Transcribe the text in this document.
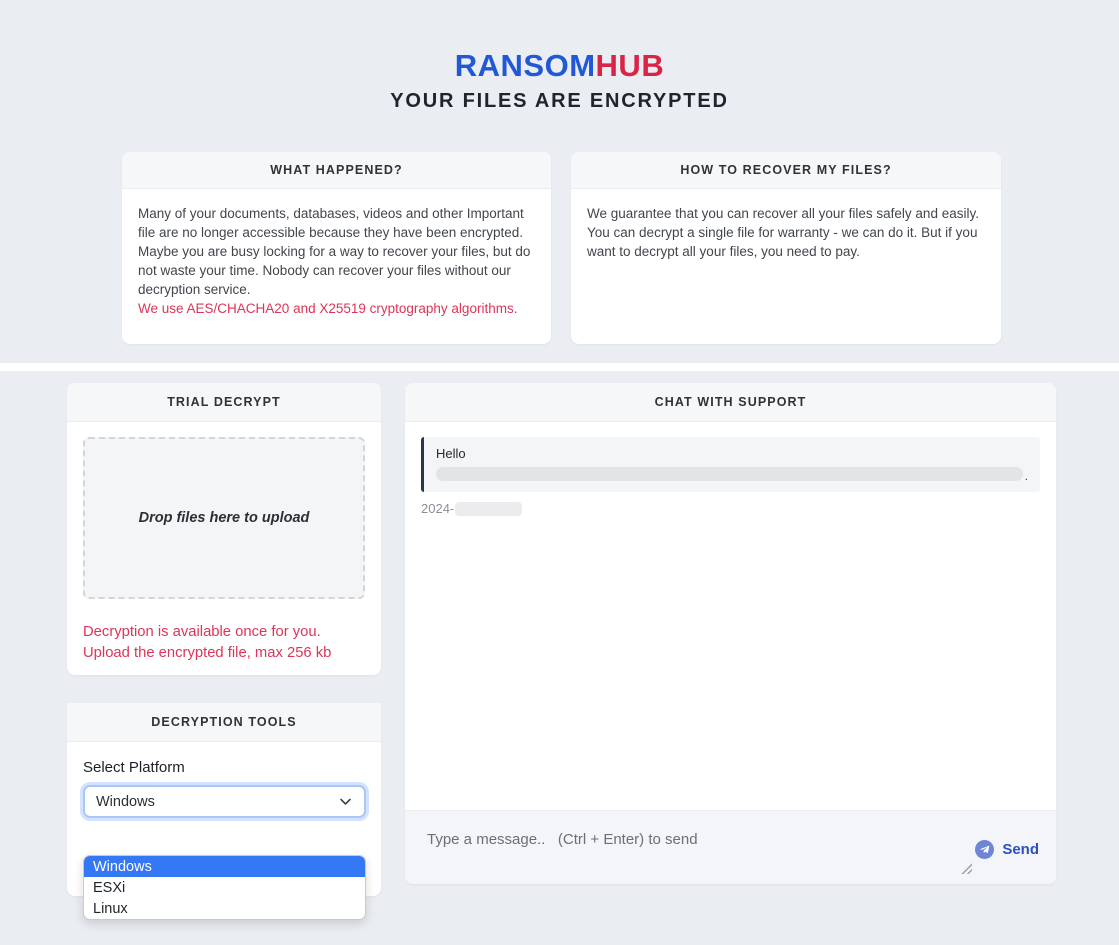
RANSOMHUB
YOUR FILES ARE ENCRYPTED
WHAT HAPPENED?
Many of your documents, databases, videos and other Important file are no longer accessible because they have been encrypted. Maybe you are busy locking for a way to recover your files, but do not waste your time. Nobody can recover your files without our decryption service.
We use AES/CHACHA20 and X25519 cryptography algorithms.
HOW TO RECOVER MY FILES?
We guarantee that you can recover all your files safely and easily. You can decrypt a single file for warranty - we can do it. But if you want to decrypt all your files, you need to pay.
TRIAL DECRYPT
Drop files here to upload
Decryption is available once for you. Upload the encrypted file, max 256 kb
DECRYPTION TOOLS
Select Platform
Windows
Windows
ESXi
Linux
CHAT WITH SUPPORT
Hello
.
2024-
Type a message.. (Ctrl + Enter) to send
Send
